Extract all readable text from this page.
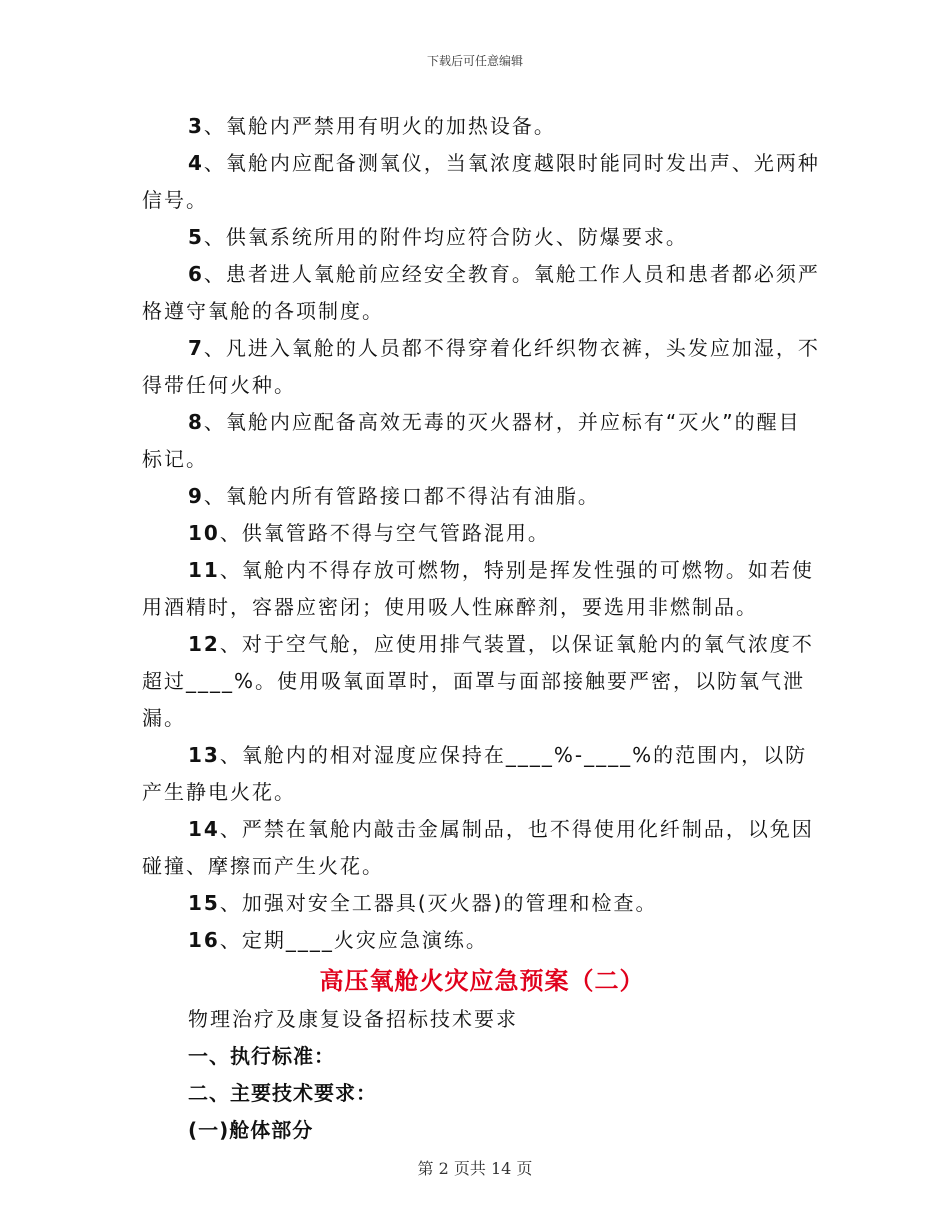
下载后可任意编辑

3、氧舱内严禁用有明火的加热设备。

4、氧舱内应配备测氧仪，当氧浓度越限时能同时发出声、光两种信号。

5、供氧系统所用的附件均应符合防火、防爆要求。

6、患者进人氧舱前应经安全教育。氧舱工作人员和患者都必须严格遵守氧舱的各项制度。

7、凡进入氧舱的人员都不得穿着化纤织物衣裤，头发应加湿，不得带任何火种。

8、氧舱内应配备高效无毒的灭火器材，并应标有“灭火”的醒目标记。

9、氧舱内所有管路接口都不得沾有油脂。

10、供氧管路不得与空气管路混用。

11、氧舱内不得存放可燃物，特别是挥发性强的可燃物。如若使用酒精时，容器应密闭；使用吸人性麻醉剂，要选用非燃制品。

12、对于空气舱，应使用排气装置，以保证氧舱内的氧气浓度不超过____%。使用吸氧面罩时，面罩与面部接触要严密，以防氧气泄漏。

13、氧舱内的相对湿度应保持在____%-____%的范围内，以防产生静电火花。

14、严禁在氧舱内敲击金属制品，也不得使用化纤制品，以免因碰撞、摩擦而产生火花。

15、加强对安全工器具(灭火器)的管理和检查。

16、定期____火灾应急演练。

高压氧舱火灾应急预案（二）

物理治疗及康复设备招标技术要求

一、执行标准：

二、主要技术要求：

(一)舱体部分

第 2 页共 14 页
